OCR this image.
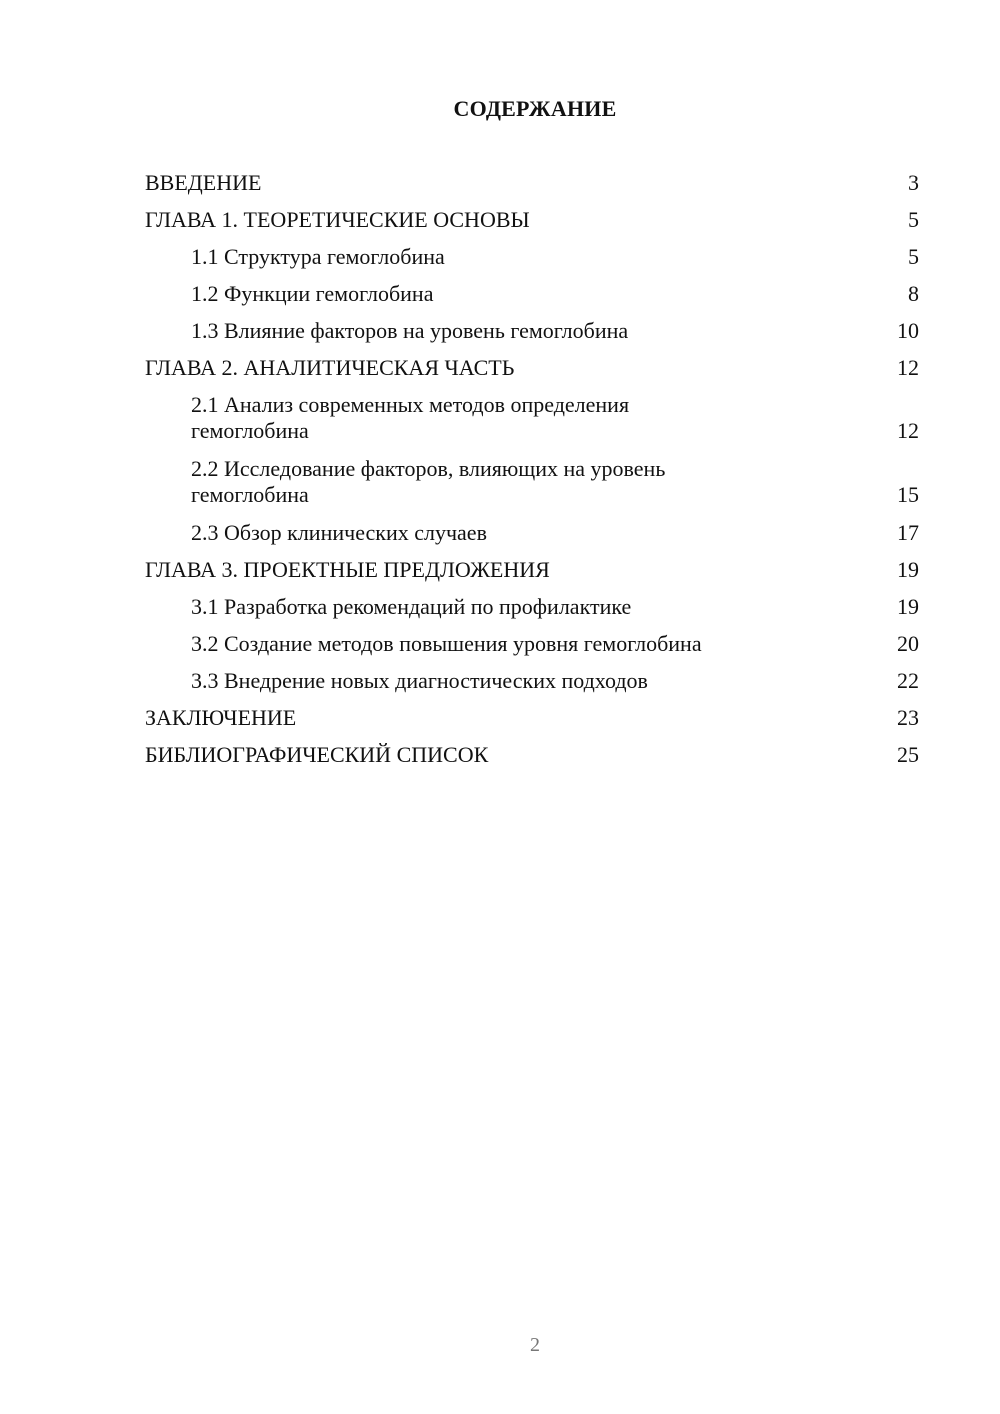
СОДЕРЖАНИЕ
ВВЕДЕНИЕ	3
ГЛАВА 1. ТЕОРЕТИЧЕСКИЕ ОСНОВЫ	5
1.1 Структура гемоглобина	5
1.2 Функции гемоглобина	8
1.3 Влияние факторов на уровень гемоглобина	10
ГЛАВА 2. АНАЛИТИЧЕСКАЯ ЧАСТЬ	12
2.1 Анализ современных методов определения гемоглобина	12
2.2 Исследование факторов, влияющих на уровень гемоглобина	15
2.3 Обзор клинических случаев	17
ГЛАВА 3. ПРОЕКТНЫЕ ПРЕДЛОЖЕНИЯ	19
3.1 Разработка рекомендаций по профилактике	19
3.2 Создание методов повышения уровня гемоглобина	20
3.3 Внедрение новых диагностических подходов	22
ЗАКЛЮЧЕНИЕ	23
БИБЛИОГРАФИЧЕСКИЙ СПИСОК	25
2
